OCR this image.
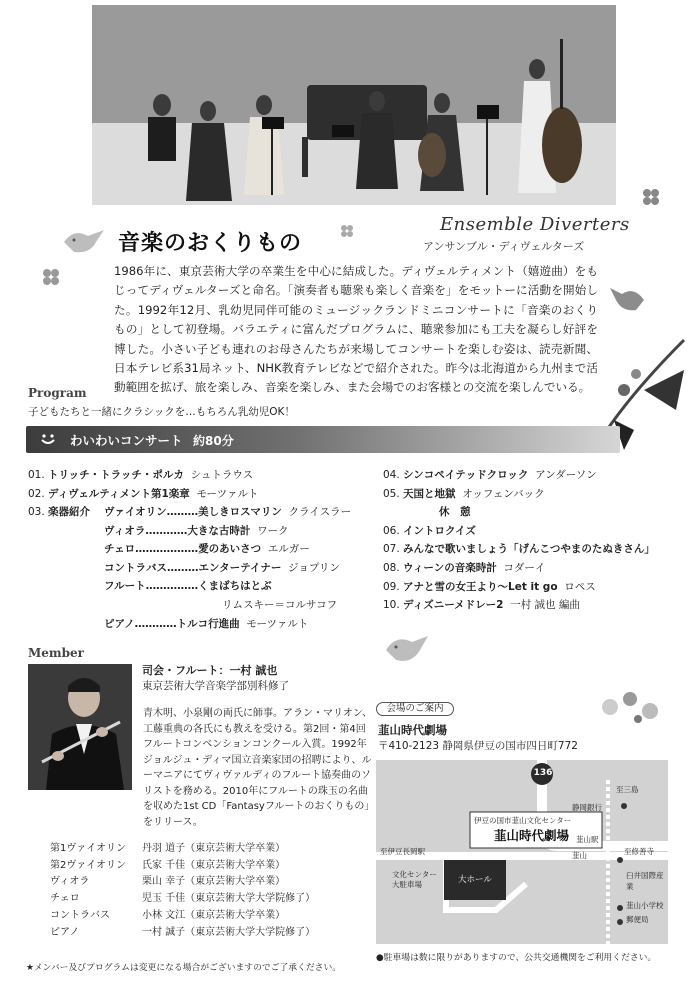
音楽のおくりもの
Ensemble Diverters
アンサンブル・ディヴェルターズ
1986年に、東京芸術大学の卒業生を中心に結成した。ディヴェルティメント（嬉遊曲）をもじってディヴェルターズと命名。「演奏者も聴衆も楽しく音楽を」をモットーに活動を開始した。1992年12月、乳幼児同伴可能のミュージックランドミニコンサートに「音楽のおくりもの」として初登場。バラエティに富んだプログラムに、聴衆参加にも工夫を凝らし好評を博した。小さい子ども連れのお母さんたちが来場してコンサートを楽しむ姿は、読売新聞、日本テレビ系31局ネット、NHK教育テレビなどで紹介された。昨今は北海道から九州まで活動範囲を拡げ、旅を楽しみ、音楽を楽しみ、また会場でのお客様との交流を楽しんでいる。
Program
子どもたちと一緒にクラシックを…もちろん乳幼児OK！
わいわいコンサート 約80分
01. トリッチ・トラッチ・ポルカ シュトラウス
02. ディヴェルティメント第1楽章 モーツァルト
03. 楽器紹介	ヴァイオリン………美しきロスマリン クライスラー
ヴィオラ…………大きな古時計 ワーク
チェロ………………愛のあいさつ エルガー
コントラバス………エンターテイナー ジョプリン
フルート……………くまばちはとぶ
リムスキー＝コルサコフ
ピアノ…………トルコ行進曲 モーツァルト
04. シンコペイテッドクロック アンダーソン
05. 天国と地獄 オッフェンバック
休　憩
06. イントロクイズ
07. みんなで歌いましょう「げんこつやまのたぬきさん」
08. ウィーンの音楽時計 コダーイ
09. アナと雪の女王より～Let it go ロペス
10. ディズニーメドレー2 一村 誠也 編曲
Member
司会・フルート：一村 誠也
東京芸術大学音楽学部別科修了
青木明、小泉剛の両氏に師事。アラン・マリオン、工藤重典の各氏にも教えを受ける。第2回・第4回フルートコンベンションコンクール入賞。1992年ジョルジュ・ディマ国立音楽家団の招聘により、ルーマニアにてヴィヴァルディのフルート協奏曲のソリストを務める。2010年にフルートの珠玉の名曲を収めた1st CD「Fantasyフルートのおくりもの」をリリース。
第1ヴァイオリン	丹羽 道子（東京芸術大学卒業）
第2ヴァイオリン	氏家 千佳（東京芸術大学卒業）
ヴィオラ	栗山 幸子（東京芸術大学卒業）
チェロ	児玉 千佳（東京芸術大学大学院修了）
コントラバス	小林 文江（東京芸術大学卒業）
ピアノ	一村 誠子（東京芸術大学大学院修了）
会場のご案内
韮山時代劇場
〒410-2123 静岡県伊豆の国市四日町772
136
伊豆の国市韮山文化センター
韮山時代劇場
大ホール
文化センター
大駐車場
至伊豆長岡駅
至三島
至修善寺
韮山駅
韮山
静岡銀行
臼井国際産業
韮山小学校
郵便局
●駐車場は数に限りがありますので、公共交通機関をご利用ください。
★メンバー及びプログラムは変更になる場合がございますのでご了承ください。
